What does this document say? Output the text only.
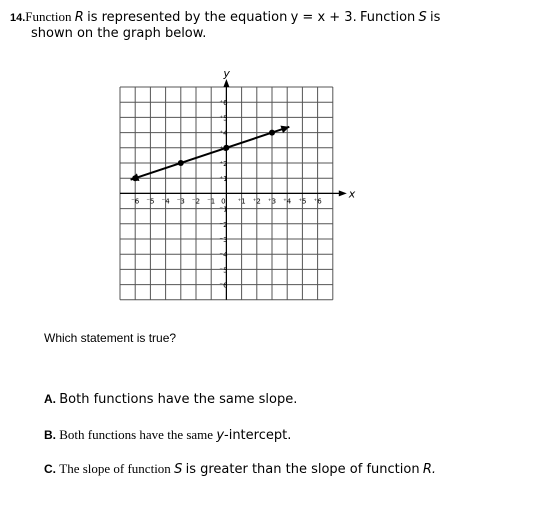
14.Function R is represented by the equation y = x + 3. Function S is
shown on the graph below.
⁻6 ⁻5 ⁻4 ⁻3 ⁻2 ⁻1 0 ⁺1 ⁺2 ⁺3 ⁺4 ⁺5 ⁺6
⁺6
⁺5
⁺4
⁺2
⁺1
⁻1
⁻2
⁻3
⁻4
⁻5
⁻6
x
y
Which statement is true?
A. Both functions have the same slope.
B. Both functions have the same y-intercept.
C. The slope of function S is greater than the slope of function R.
